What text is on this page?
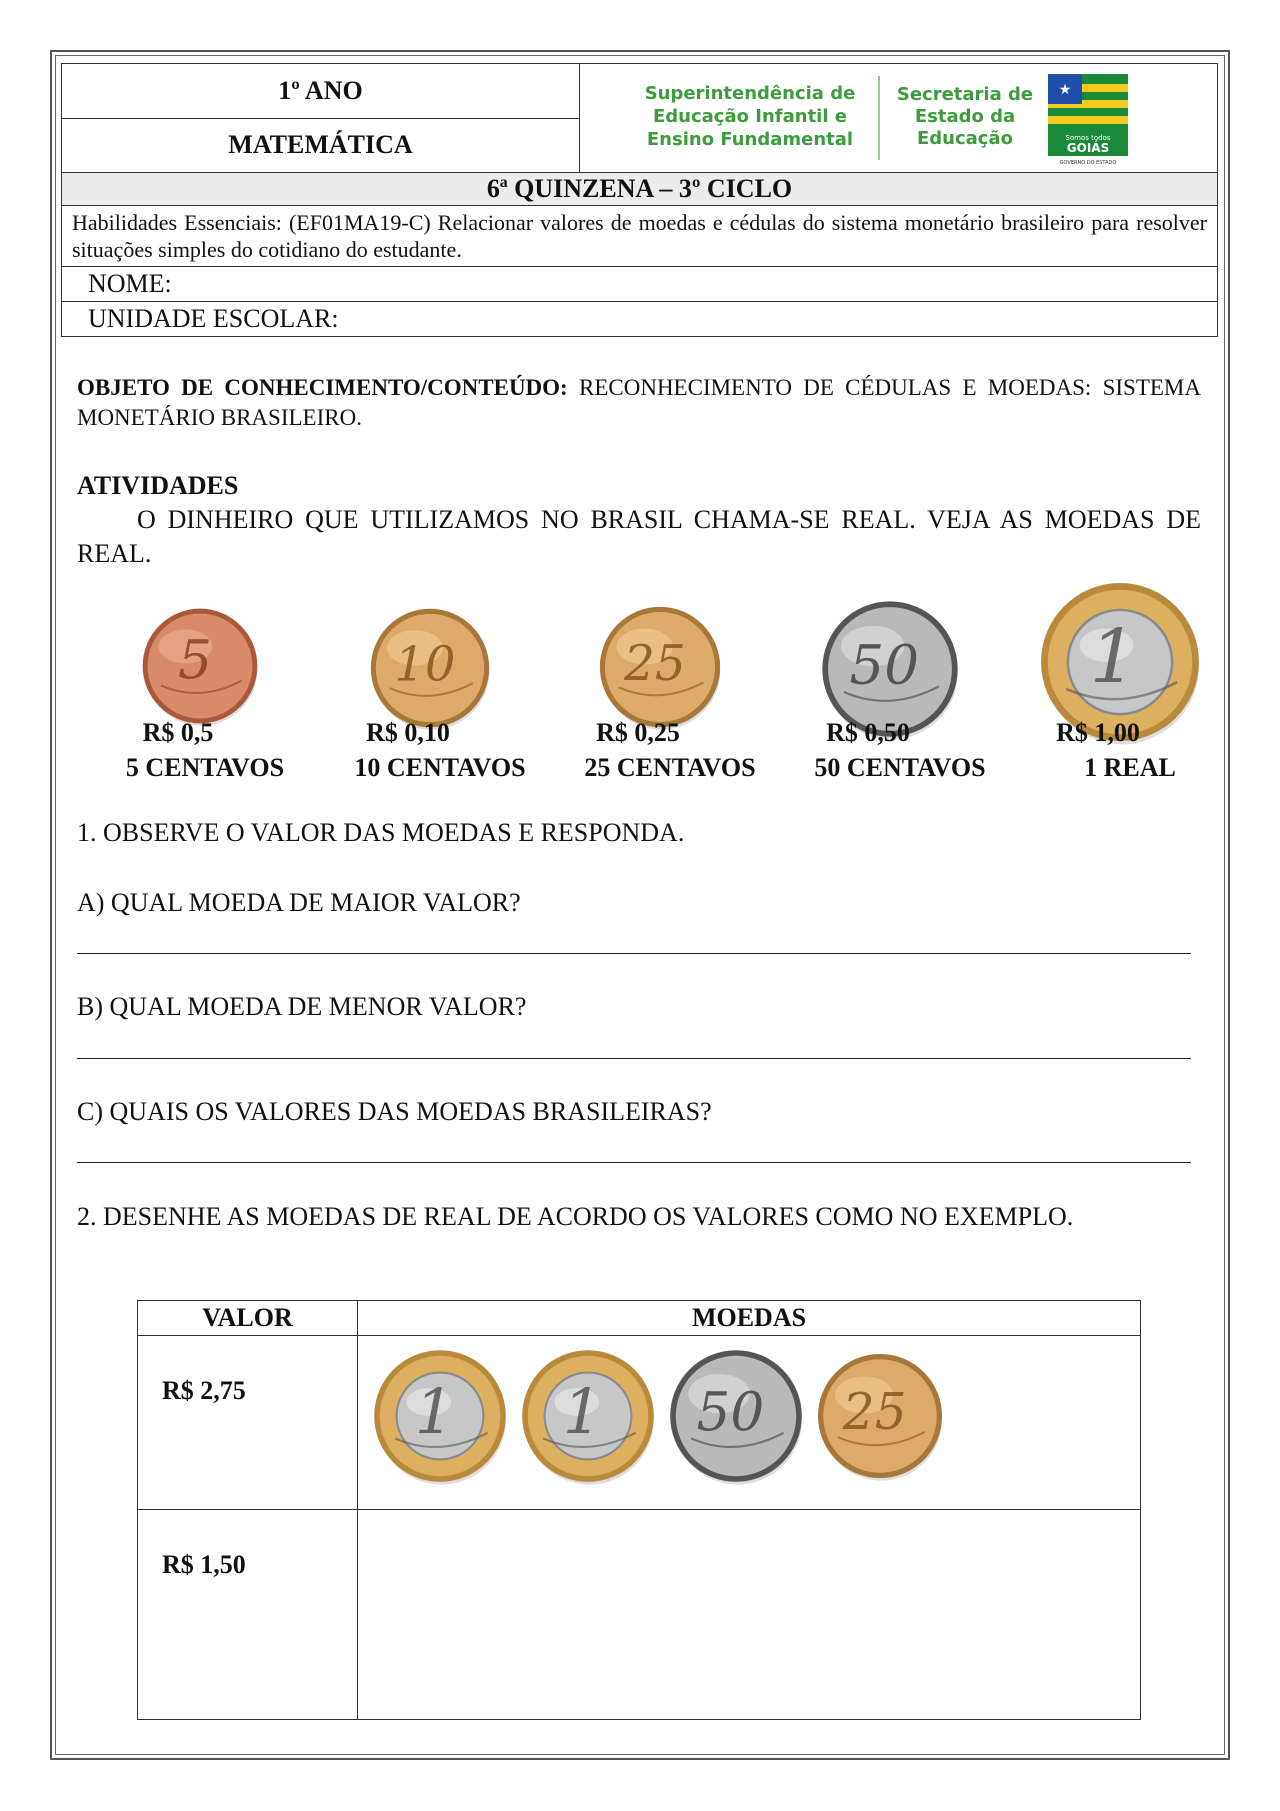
1º ANO	Superintendência de
Educação Infantil e
Ensino Fundamental
Secretaria de
Estado da
Educação
★
Somos todos
GOIÁS
GOVERNO DO ESTADO

MATEMÁTICA
6ª QUINZENA – 3º CICLO
Habilidades Essenciais: (EF01MA19-C) Relacionar valores de moedas e cédulas do sistema monetário brasileiro para resolver situações simples do cotidiano do estudante.
NOME:
UNIDADE ESCOLAR:
OBJETO DE CONHECIMENTO/CONTEÚDO: RECONHECIMENTO DE CÉDULAS E MOEDAS: SISTEMA MONETÁRIO BRASILEIRO.
ATIVIDADES
O DINHEIRO QUE UTILIZAMOS NO BRASIL CHAMA-SE REAL. VEJA AS MOEDAS DE REAL.
5
R$ 0,5
5 CENTAVOS
10
R$ 0,10
10 CENTAVOS
25
R$ 0,25
25 CENTAVOS
50
R$ 0,50
50 CENTAVOS
1
R$ 1,00
1 REAL
1. OBSERVE O VALOR DAS MOEDAS E RESPONDA.
A) QUAL MOEDA DE MAIOR VALOR?
B) QUAL MOEDA DE MENOR VALOR?
C) QUAIS OS VALORES DAS MOEDAS BRASILEIRAS?
2. DESENHE AS MOEDAS DE REAL DE ACORDO OS VALORES COMO NO EXEMPLO.
VALOR	MOEDAS
R$ 2,75	1 1 50 25

R$ 1,50	
